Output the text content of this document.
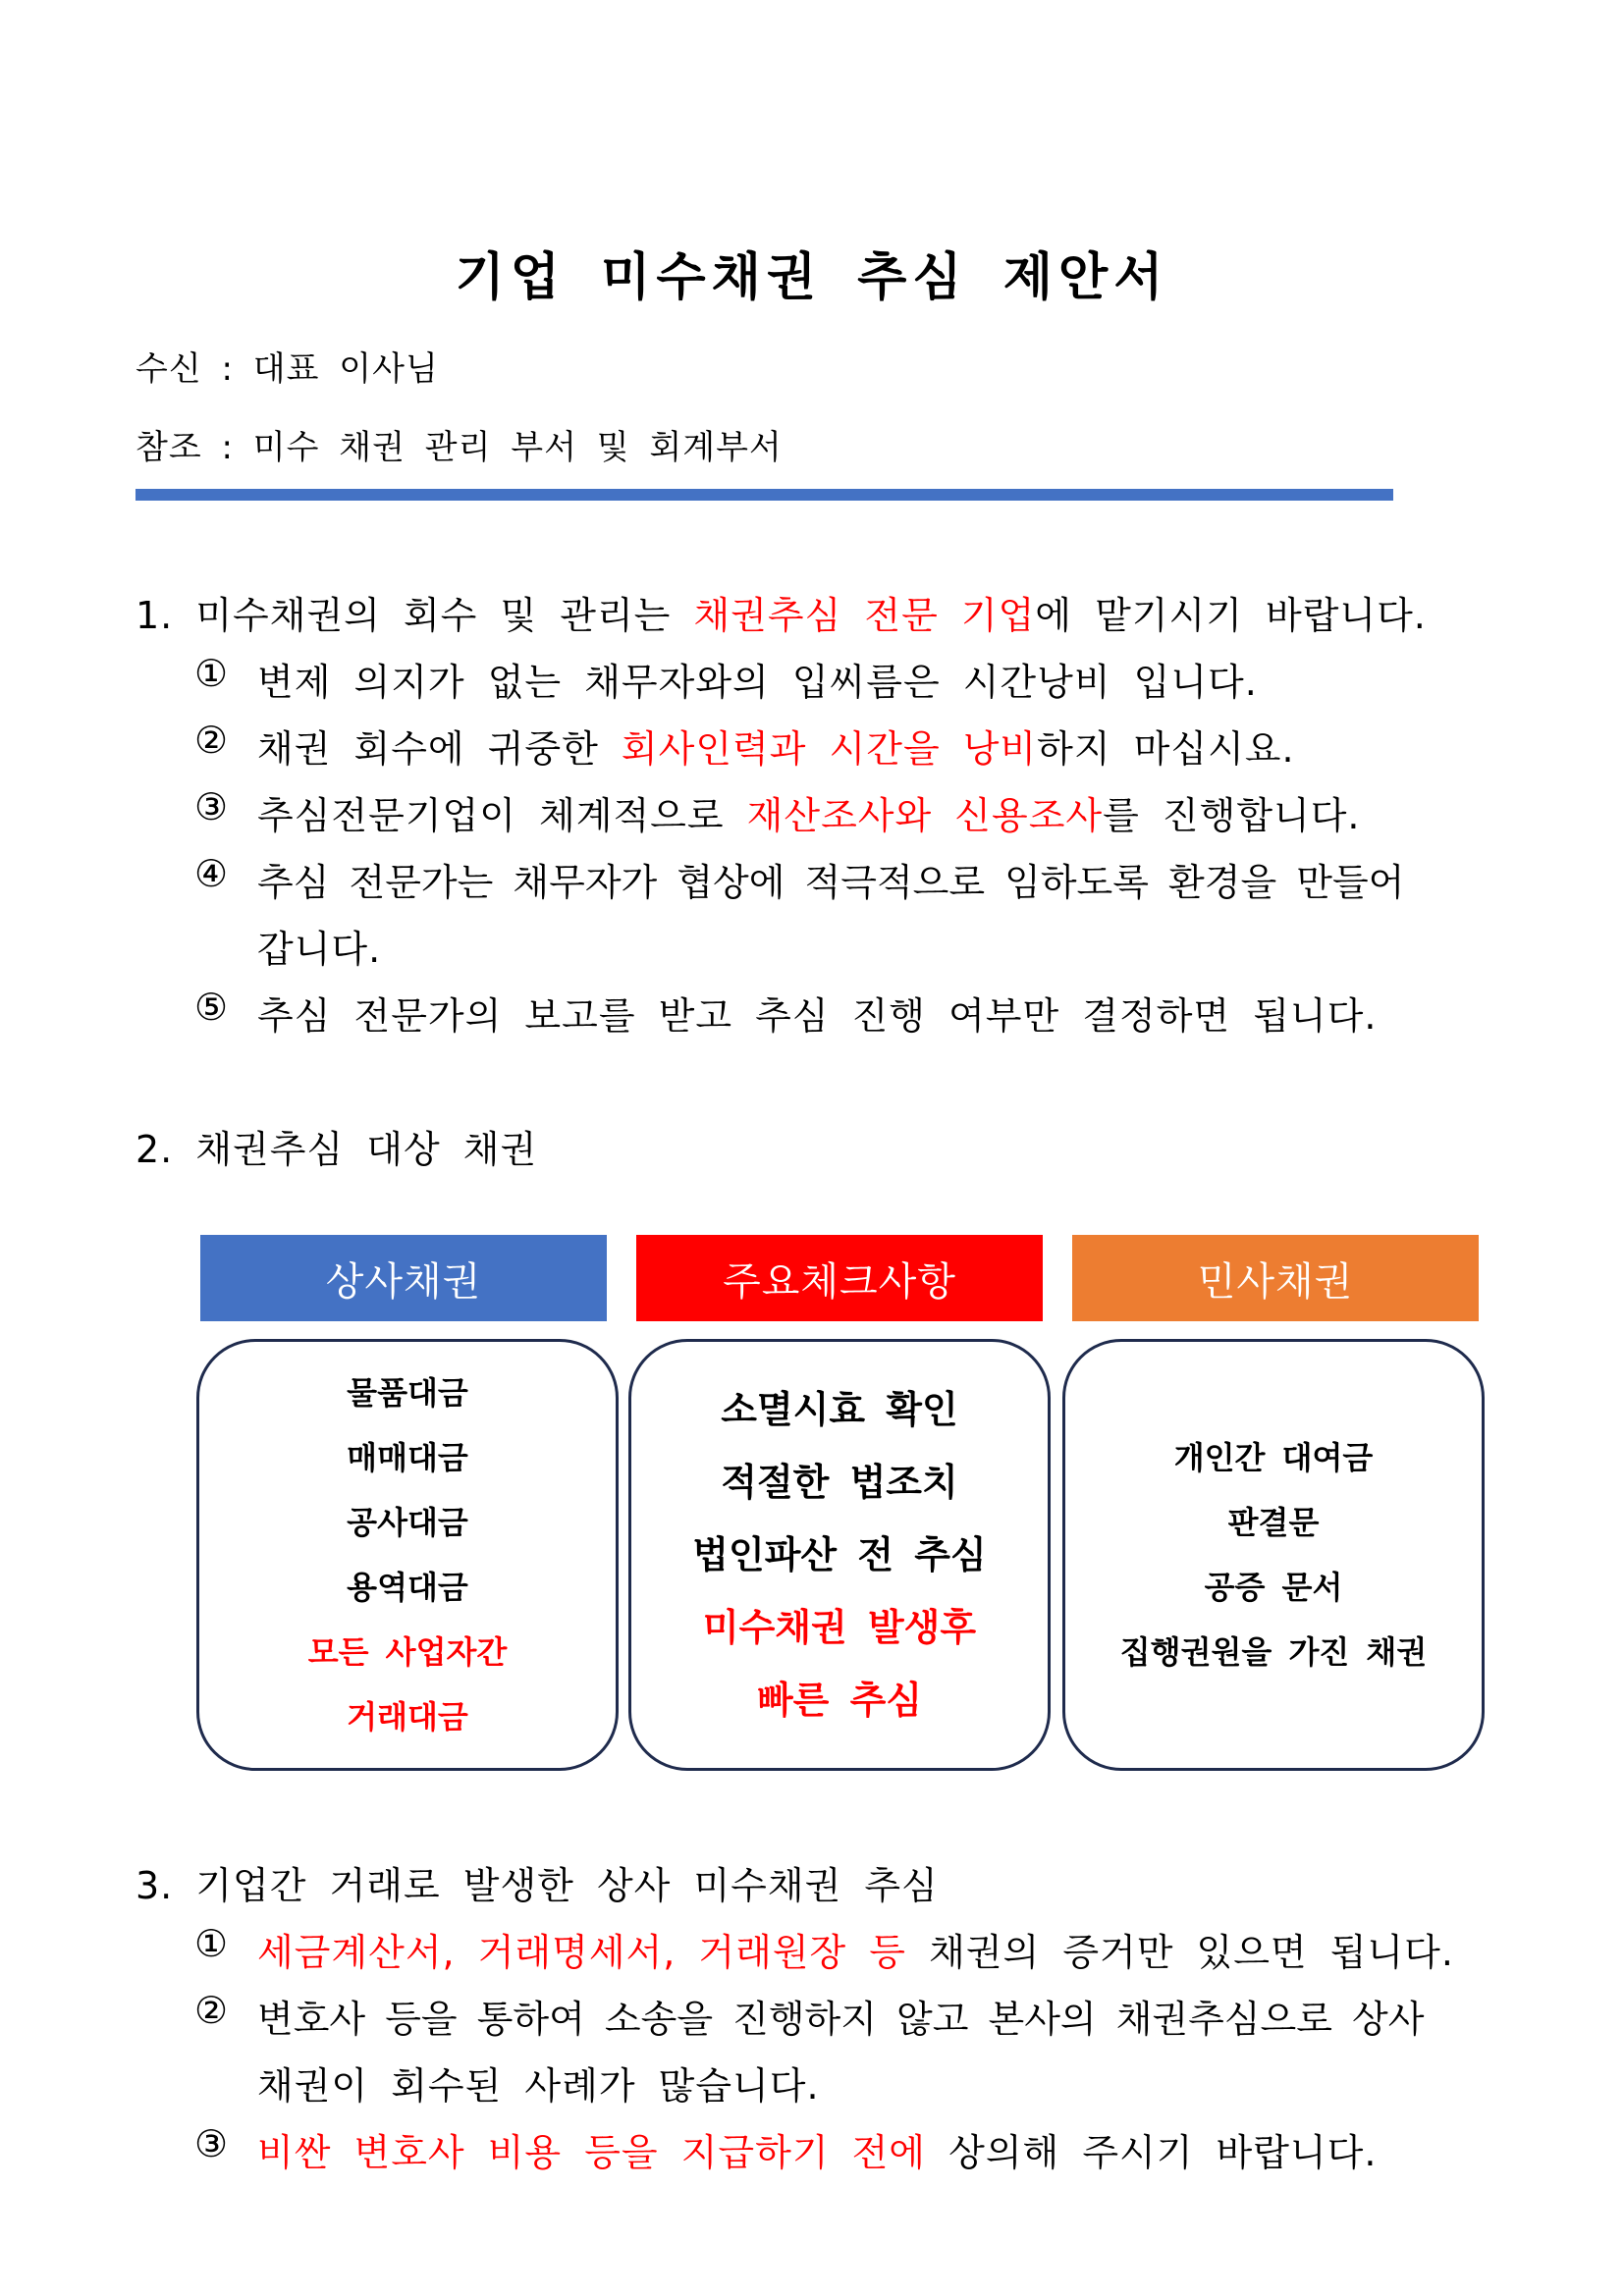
기업 미수채권 추심 제안서
수신 : 대표 이사님
참조 : 미수 채권 관리 부서 및 회계부서
1. 미수채권의 회수 및 관리는 채권추심 전문 기업에 맡기시기 바랍니다.
① 변제 의지가 없는 채무자와의 입씨름은 시간낭비 입니다.
② 채권 회수에 귀중한 회사인력과 시간을 낭비하지 마십시요.
③ 추심전문기업이 체계적으로 재산조사와 신용조사를 진행합니다.
④ 추심 전문가는 채무자가 협상에 적극적으로 임하도록 환경을 만들어
갑니다.
⑤ 추심 전문가의 보고를 받고 추심 진행 여부만 결정하면 됩니다.
2. 채권추심 대상 채권
상사채권	주요체크사항	민사채권
물품대금
매매대금
공사대금
용역대금
모든 사업자간
거래대금
소멸시효 확인
적절한 법조치
법인파산 전 추심
미수채권 발생후
빠른 추심
개인간 대여금
판결문
공증 문서
집행권원을 가진 채권
3. 기업간 거래로 발생한 상사 미수채권 추심
① 세금계산서, 거래명세서, 거래원장 등 채권의 증거만 있으면 됩니다.
② 변호사 등을 통하여 소송을 진행하지 않고 본사의 채권추심으로 상사
채권이 회수된 사례가 많습니다.
③ 비싼 변호사 비용 등을 지급하기 전에 상의해 주시기 바랍니다.
